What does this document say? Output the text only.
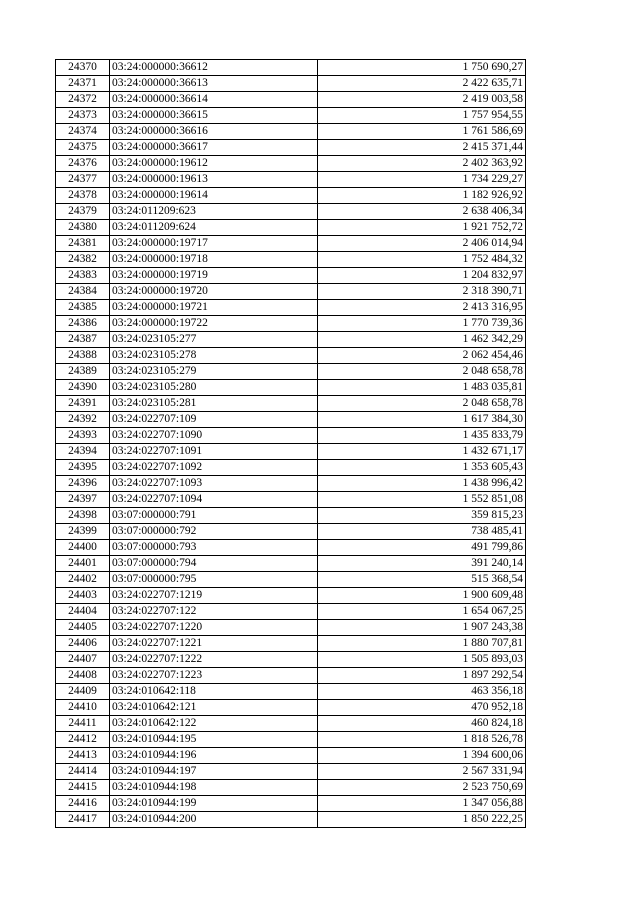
24370	03:24:000000:36612	1 750 690,27
24371	03:24:000000:36613	2 422 635,71
24372	03:24:000000:36614	2 419 003,58
24373	03:24:000000:36615	1 757 954,55
24374	03:24:000000:36616	1 761 586,69
24375	03:24:000000:36617	2 415 371,44
24376	03:24:000000:19612	2 402 363,92
24377	03:24:000000:19613	1 734 229,27
24378	03:24:000000:19614	1 182 926,92
24379	03:24:011209:623	2 638 406,34
24380	03:24:011209:624	1 921 752,72
24381	03:24:000000:19717	2 406 014,94
24382	03:24:000000:19718	1 752 484,32
24383	03:24:000000:19719	1 204 832,97
24384	03:24:000000:19720	2 318 390,71
24385	03:24:000000:19721	2 413 316,95
24386	03:24:000000:19722	1 770 739,36
24387	03:24:023105:277	1 462 342,29
24388	03:24:023105:278	2 062 454,46
24389	03:24:023105:279	2 048 658,78
24390	03:24:023105:280	1 483 035,81
24391	03:24:023105:281	2 048 658,78
24392	03:24:022707:109	1 617 384,30
24393	03:24:022707:1090	1 435 833,79
24394	03:24:022707:1091	1 432 671,17
24395	03:24:022707:1092	1 353 605,43
24396	03:24:022707:1093	1 438 996,42
24397	03:24:022707:1094	1 552 851,08
24398	03:07:000000:791	359 815,23
24399	03:07:000000:792	738 485,41
24400	03:07:000000:793	491 799,86
24401	03:07:000000:794	391 240,14
24402	03:07:000000:795	515 368,54
24403	03:24:022707:1219	1 900 609,48
24404	03:24:022707:122	1 654 067,25
24405	03:24:022707:1220	1 907 243,38
24406	03:24:022707:1221	1 880 707,81
24407	03:24:022707:1222	1 505 893,03
24408	03:24:022707:1223	1 897 292,54
24409	03:24:010642:118	463 356,18
24410	03:24:010642:121	470 952,18
24411	03:24:010642:122	460 824,18
24412	03:24:010944:195	1 818 526,78
24413	03:24:010944:196	1 394 600,06
24414	03:24:010944:197	2 567 331,94
24415	03:24:010944:198	2 523 750,69
24416	03:24:010944:199	1 347 056,88
24417	03:24:010944:200	1 850 222,25
